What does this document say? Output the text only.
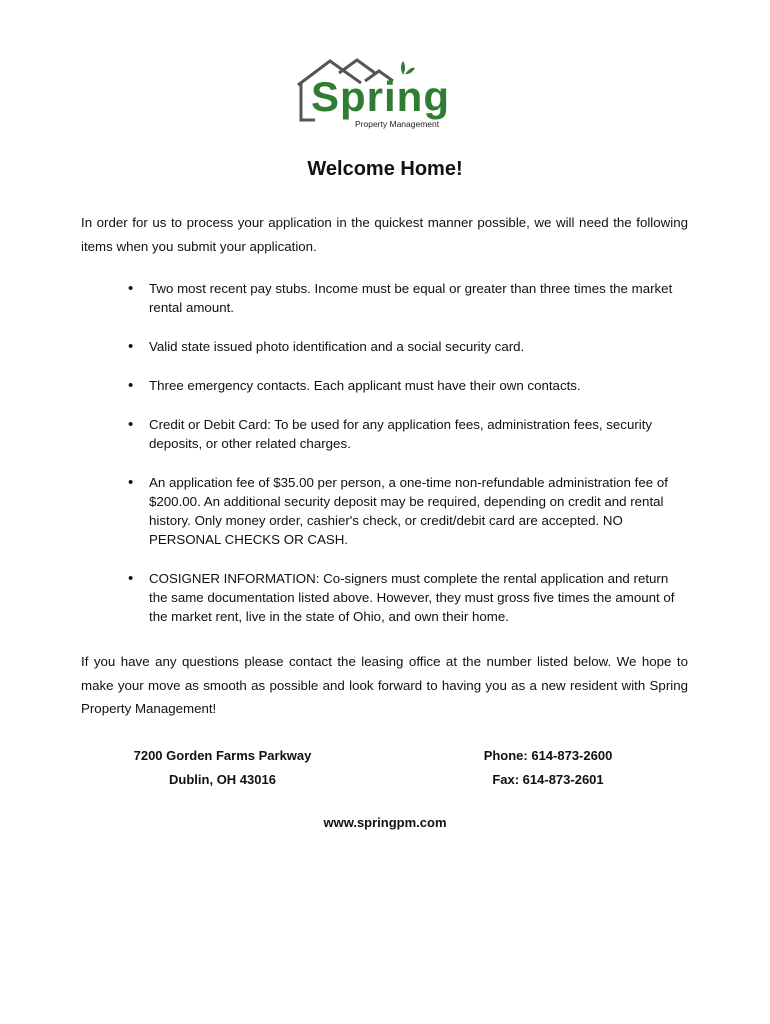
Spring
Property Management
Welcome Home!

In order for us to process your application in the quickest manner possible, we will need the following items when you submit your application.

• Two most recent pay stubs. Income must be equal or greater than three times the market rental amount.
• Valid state issued photo identification and a social security card.
• Three emergency contacts. Each applicant must have their own contacts.
• Credit or Debit Card: To be used for any application fees, administration fees, security deposits, or other related charges.
• An application fee of $35.00 per person, a one-time non-refundable administration fee of $200.00. An additional security deposit may be required, depending on credit and rental history. Only money order, cashier's check, or credit/debit card are accepted. NO PERSONAL CHECKS OR CASH.
• COSIGNER INFORMATION: Co-signers must complete the rental application and return the same documentation listed above. However, they must gross five times the amount of the market rent, live in the state of Ohio, and own their home.

If you have any questions please contact the leasing office at the number listed below. We hope to make your move as smooth as possible and look forward to having you as a new resident with Spring Property Management!

7200 Gorden Farms Parkway
Dublin, OH 43016
Phone: 614-873-2600
Fax: 614-873-2601
www.springpm.com
